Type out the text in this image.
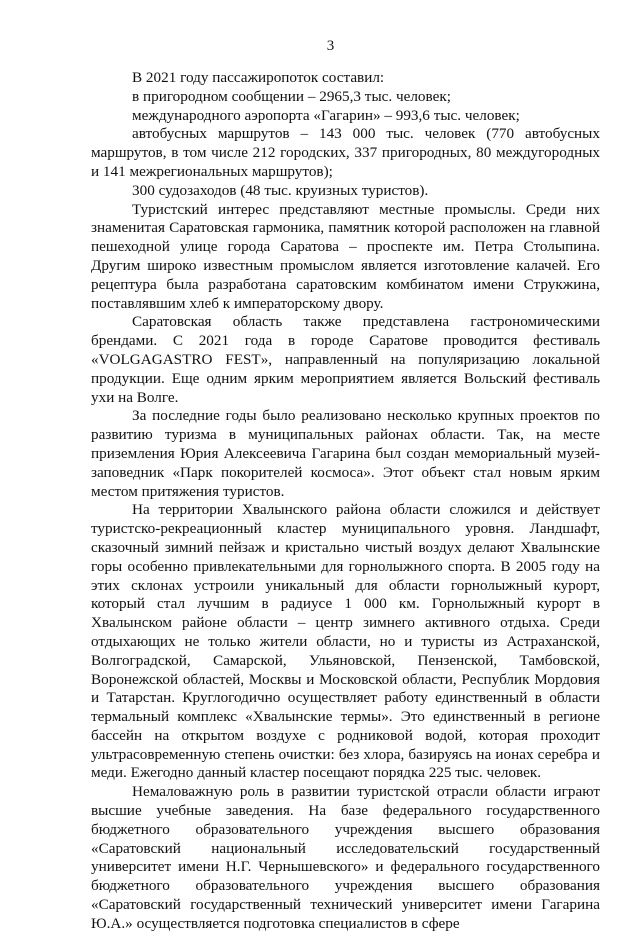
3

В 2021 году пассажиропоток составил:

в пригородном сообщении – 2965,3 тыс. человек;

международного аэропорта «Гагарин» – 993,6 тыс. человек;

автобусных маршрутов – 143 000 тыс. человек (770 автобусных маршрутов, в том числе 212 городских, 337 пригородных, 80 междугородных и 141 межрегиональных маршрутов);

300 судозаходов (48 тыс. круизных туристов).

Туристский интерес представляют местные промыслы. Среди них знаменитая Саратовская гармоника, памятник которой расположен на главной пешеходной улице города Саратова – проспекте им. Петра Столыпина. Другим широко известным промыслом является изготовление калачей. Его рецептура была разработана саратовским комбинатом имени Струкжина, поставлявшим хлеб к императорскому двору.

Саратовская область также представлена гастрономическими брендами. С 2021 года в городе Саратове проводится фестиваль «VOLGAGASTRO FEST», направленный на популяризацию локальной продукции. Еще одним ярким мероприятием является Вольский фестиваль ухи на Волге.

За последние годы было реализовано несколько крупных проектов по развитию туризма в муниципальных районах области. Так, на месте приземления Юрия Алексеевича Гагарина был создан мемориальный музей-заповедник «Парк покорителей космоса». Этот объект стал новым ярким местом притяжения туристов.

На территории Хвалынского района области сложился и действует туристско-рекреационный кластер муниципального уровня. Ландшафт, сказочный зимний пейзаж и кристально чистый воздух делают Хвалынские горы особенно привлекательными для горнолыжного спорта. В 2005 году на этих склонах устроили уникальный для области горнолыжный курорт, который стал лучшим в радиусе 1 000 км. Горнолыжный курорт в Хвалынском районе области – центр зимнего активного отдыха. Среди отдыхающих не только жители области, но и туристы из Астраханской, Волгоградской, Самарской, Ульяновской, Пензенской, Тамбовской, Воронежской областей, Москвы и Московской области, Республик Мордовия и Татарстан. Круглогодично осуществляет работу единственный в области термальный комплекс «Хвалынские термы». Это единственный в регионе бассейн на открытом воздухе с родниковой водой, которая проходит ультрасовременную степень очистки: без хлора, базируясь на ионах серебра и меди. Ежегодно данный кластер посещают порядка 225 тыс. человек.

Немаловажную роль в развитии туристской отрасли области играют высшие учебные заведения. На базе федерального государственного бюджетного образовательного учреждения высшего образования «Саратовский национальный исследовательский государственный университет имени Н.Г. Чернышевского» и федерального государственного бюджетного образовательного учреждения высшего образования «Саратовский государственный технический университет имени Гагарина Ю.А.» осуществляется подготовка специалистов в сфере
